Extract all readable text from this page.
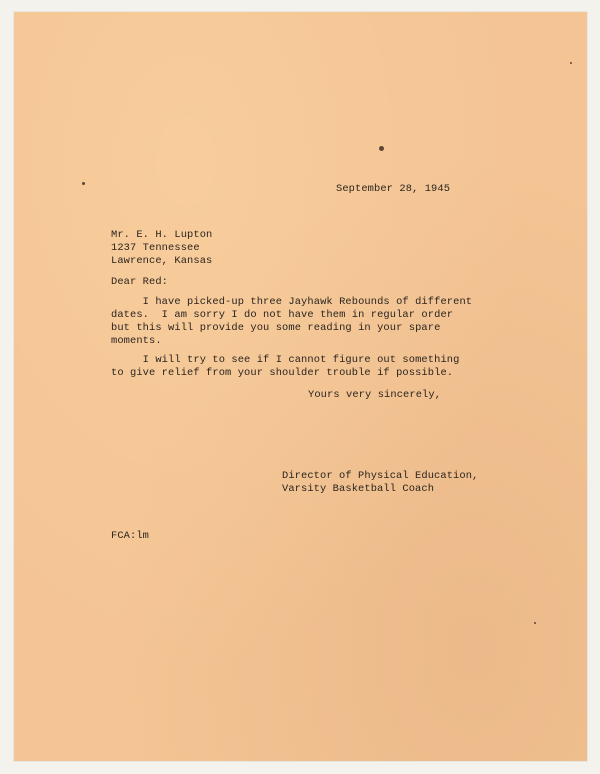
September 28, 1945
Mr. E. H. Lupton
1237 Tennessee
Lawrence, Kansas
Dear Red:
I have picked-up three Jayhawk Rebounds of different
dates.  I am sorry I do not have them in regular order
but this will provide you some reading in your spare
moments.
I will try to see if I cannot figure out something
to give relief from your shoulder trouble if possible.
Yours very sincerely,
Director of Physical Education,
Varsity Basketball Coach
FCA:lm
